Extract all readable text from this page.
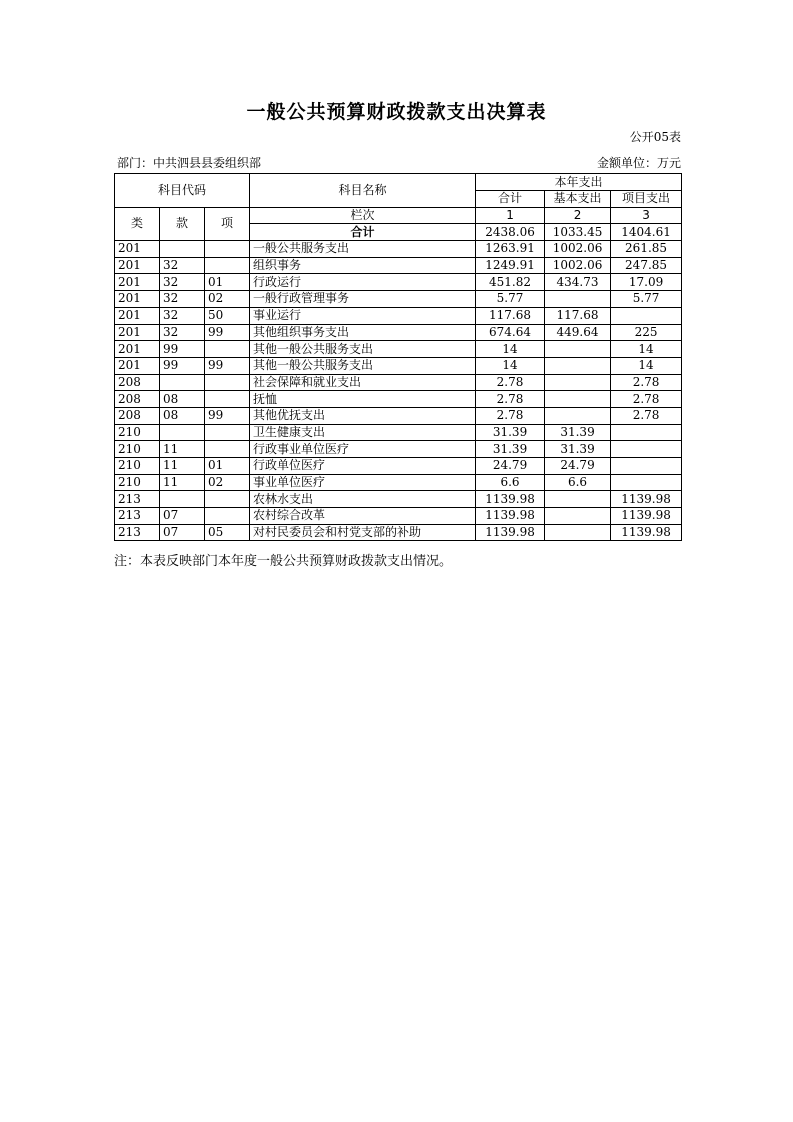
一般公共预算财政拨款支出决算表
公开05表
部门：中共泗县县委组织部	金额单位：万元
科目代码			科目名称	本年支出		
				合计	基本支出	项目支出
类	款	项	栏次	1	2	3
			合计	2438.06	1033.45	1404.61
201			一般公共服务支出	1263.91	1002.06	261.85
201	32		组织事务	1249.91	1002.06	247.85
201	32	01	行政运行	451.82	434.73	17.09
201	32	02	一般行政管理事务	5.77		5.77
201	32	50	事业运行	117.68	117.68	
201	32	99	其他组织事务支出	674.64	449.64	225
201	99		其他一般公共服务支出	14		14
201	99	99	其他一般公共服务支出	14		14
208			社会保障和就业支出	2.78		2.78
208	08		抚恤	2.78		2.78
208	08	99	其他优抚支出	2.78		2.78
210			卫生健康支出	31.39	31.39	
210	11		行政事业单位医疗	31.39	31.39	
210	11	01	行政单位医疗	24.79	24.79	
210	11	02	事业单位医疗	6.6	6.6	
213			农林水支出	1139.98		1139.98
213	07		农村综合改革	1139.98		1139.98
213	07	05	对村民委员会和村党支部的补助	1139.98		1139.98
注：本表反映部门本年度一般公共预算财政拨款支出情况。
